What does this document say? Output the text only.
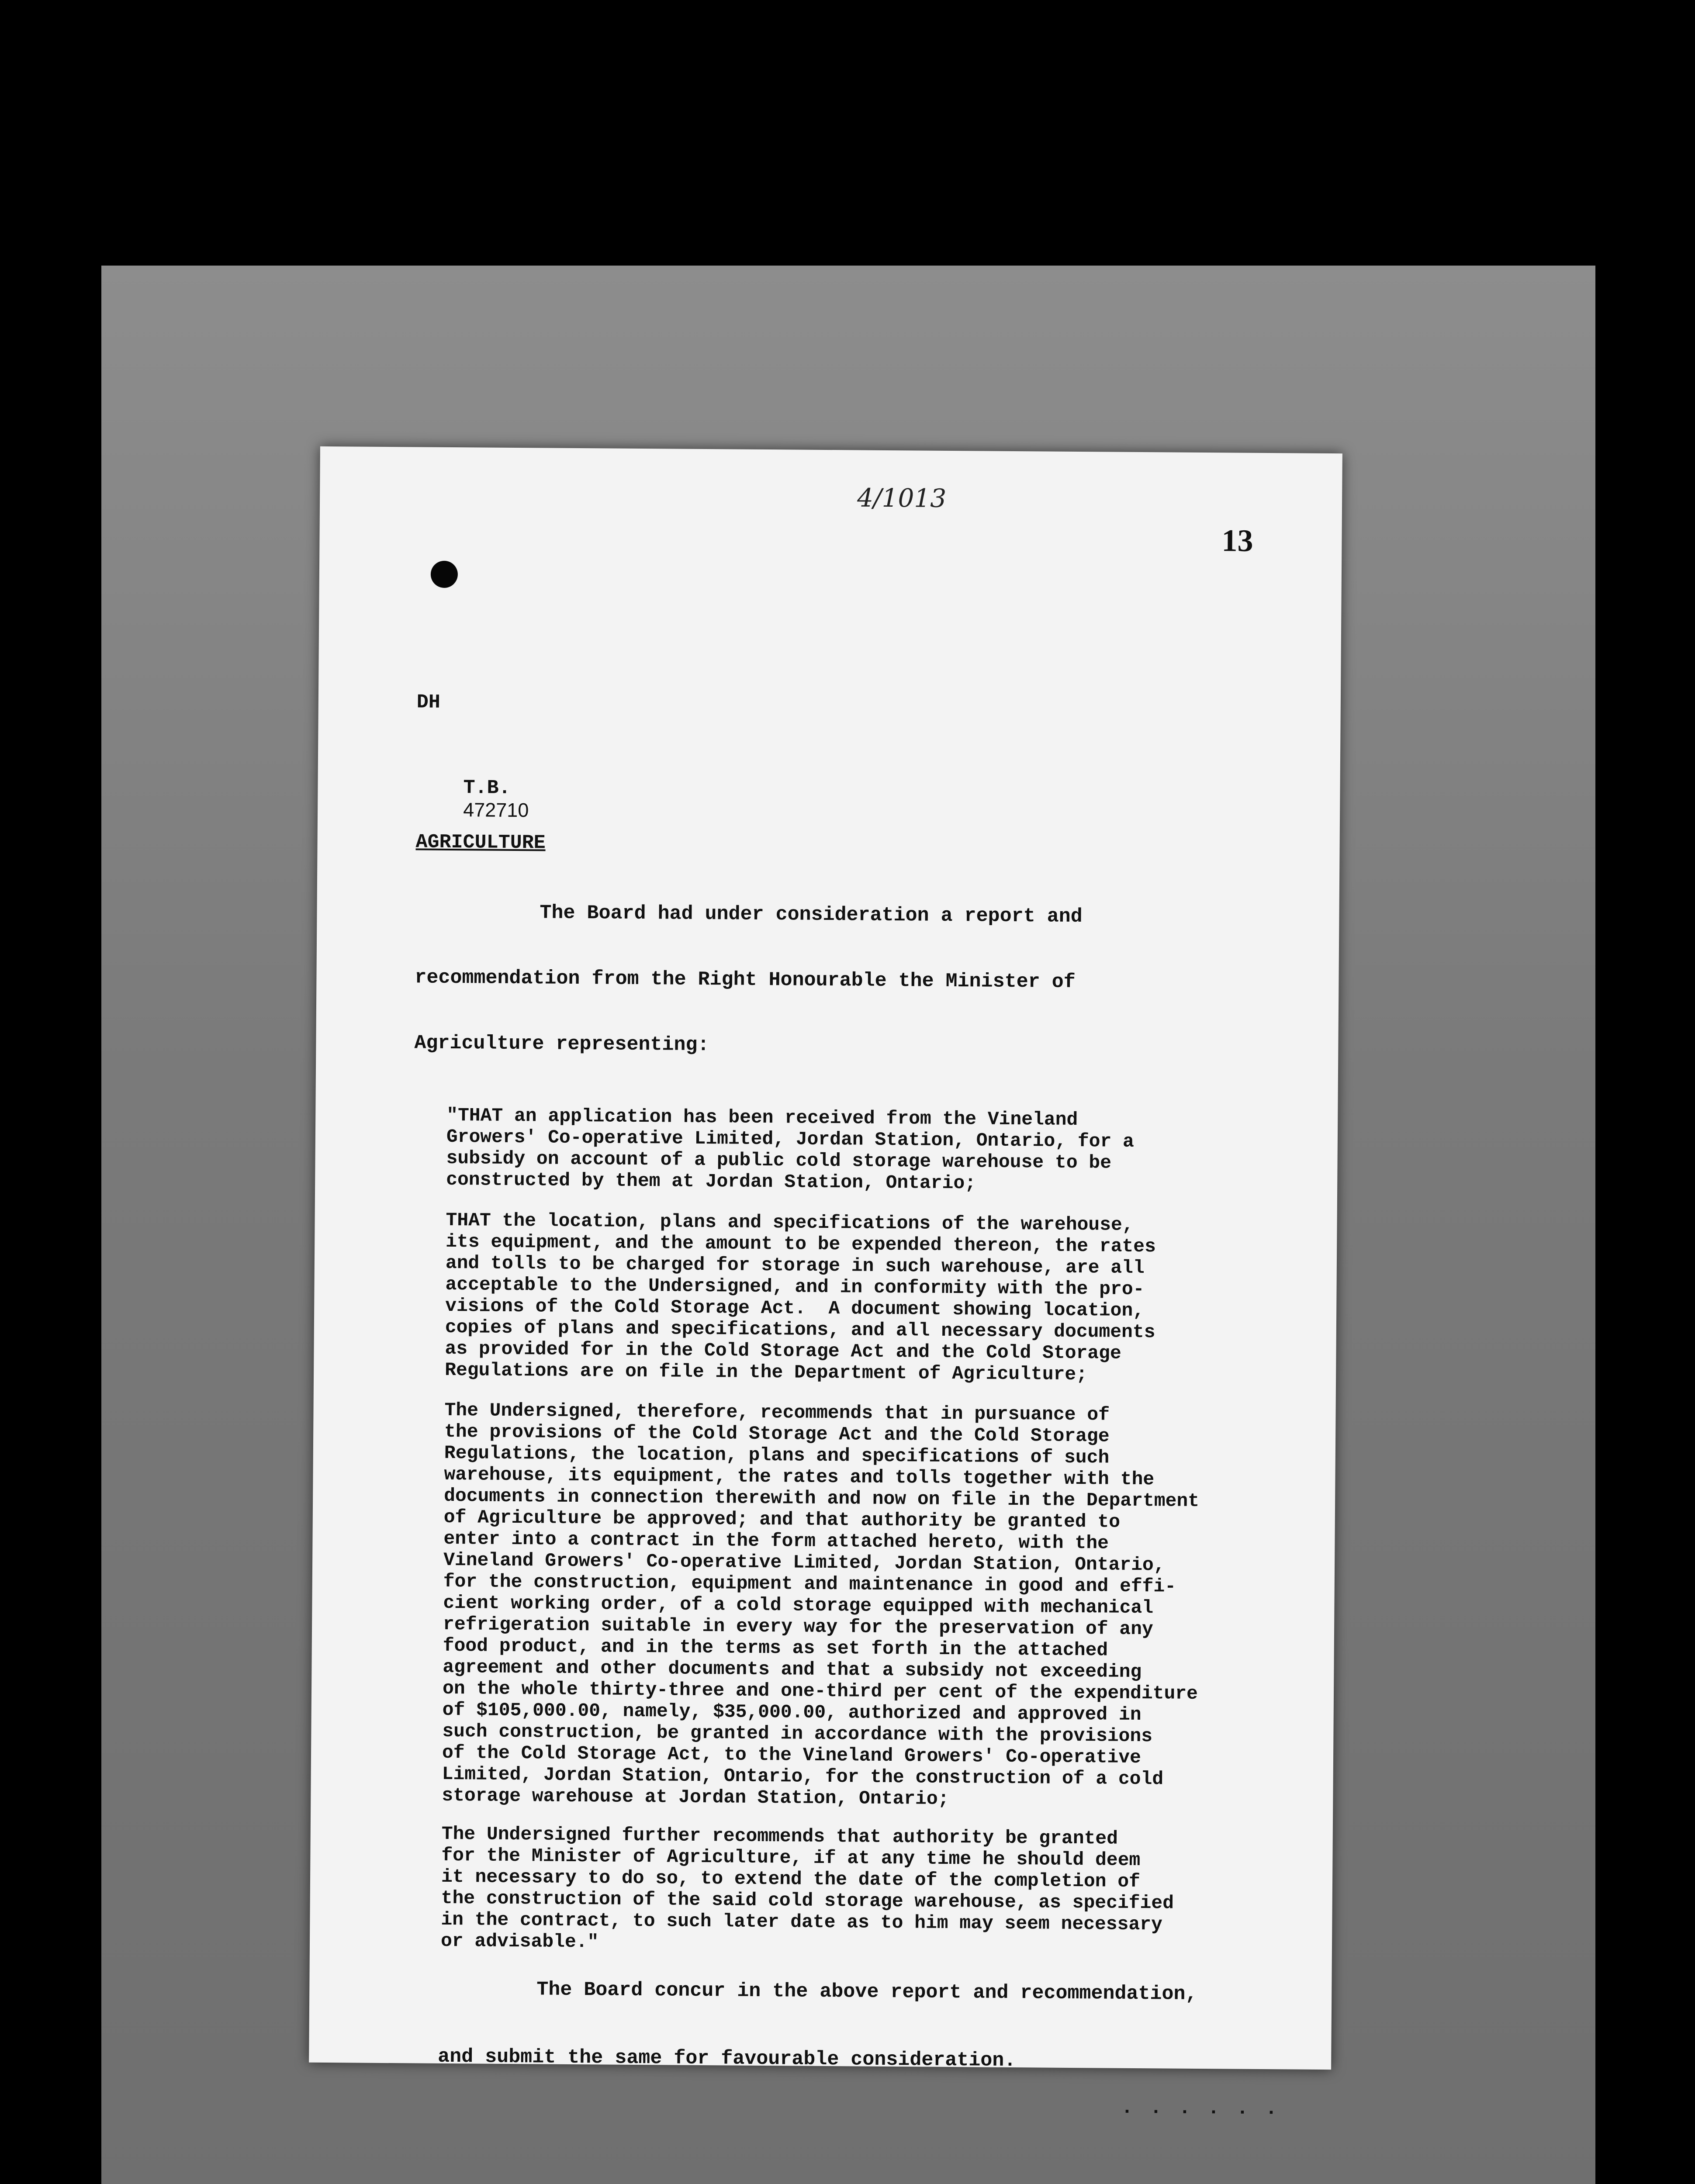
4/1013
13
DH

T.B.
472710

AGRICULTURE
The Board had under consideration a report and
recommendation from the Right Honourable the Minister of
Agriculture representing:
"THAT an application has been received from the Vineland
Growers' Co-operative Limited, Jordan Station, Ontario, for a
subsidy on account of a public cold storage warehouse to be
constructed by them at Jordan Station, Ontario;
THAT the location, plans and specifications of the warehouse,
its equipment, and the amount to be expended thereon, the rates
and tolls to be charged for storage in such warehouse, are all
acceptable to the Undersigned, and in conformity with the pro-
visions of the Cold Storage Act.  A document showing location,
copies of plans and specifications, and all necessary documents
as provided for in the Cold Storage Act and the Cold Storage
Regulations are on file in the Department of Agriculture;
The Undersigned, therefore, recommends that in pursuance of
the provisions of the Cold Storage Act and the Cold Storage
Regulations, the location, plans and specifications of such
warehouse, its equipment, the rates and tolls together with the
documents in connection therewith and now on file in the Department
of Agriculture be approved; and that authority be granted to
enter into a contract in the form attached hereto, with the
Vineland Growers' Co-operative Limited, Jordan Station, Ontario,
for the construction, equipment and maintenance in good and effi-
cient working order, of a cold storage equipped with mechanical
refrigeration suitable in every way for the preservation of any
food product, and in the terms as set forth in the attached
agreement and other documents and that a subsidy not exceeding
on the whole thirty-three and one-third per cent of the expenditure
of $105,000.00, namely, $35,000.00, authorized and approved in
such construction, be granted in accordance with the provisions
of the Cold Storage Act, to the Vineland Growers' Co-operative
Limited, Jordan Station, Ontario, for the construction of a cold
storage warehouse at Jordan Station, Ontario;
The Undersigned further recommends that authority be granted
for the Minister of Agriculture, if at any time he should deem
it necessary to do so, to extend the date of the completion of
the construction of the said cold storage warehouse, as specified
in the contract, to such later date as to him may seem necessary
or advisable."
The Board concur in the above report and recommendation,
and submit the same for favourable consideration.
. . . . . .
